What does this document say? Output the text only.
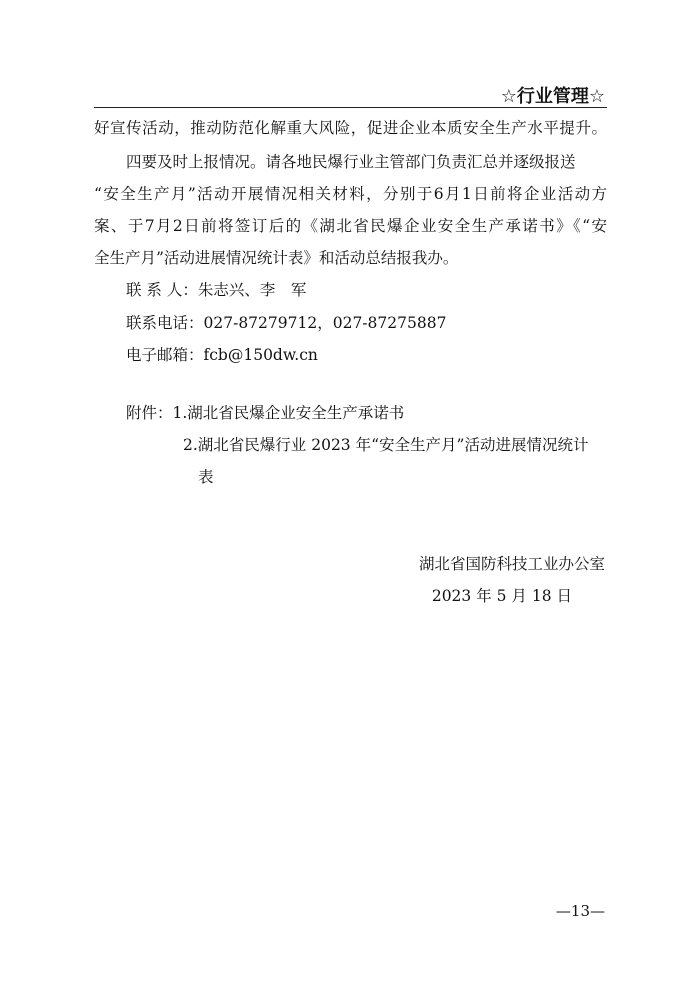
☆行业管理☆
好宣传活动，推动防范化解重大风险，促进企业本质安全生产水平提升。
四要及时上报情况。请各地民爆行业主管部门负责汇总并逐级报送
“安全生产月”活动开展情况相关材料，分别于6月1日前将企业活动方
案、于7月2日前将签订后的《湖北省民爆企业安全生产承诺书》《“安
全生产月”活动进展情况统计表》和活动总结报我办。
联 系 人：朱志兴、李　军
联系电话：027-87279712，027-87275887
电子邮箱：fcb@150dw.cn
附件：1.湖北省民爆企业安全生产承诺书
2.湖北省民爆行业 2023 年“安全生产月”活动进展情况统计
表
湖北省国防科技工业办公室
2023 年 5 月 18 日
—13—
